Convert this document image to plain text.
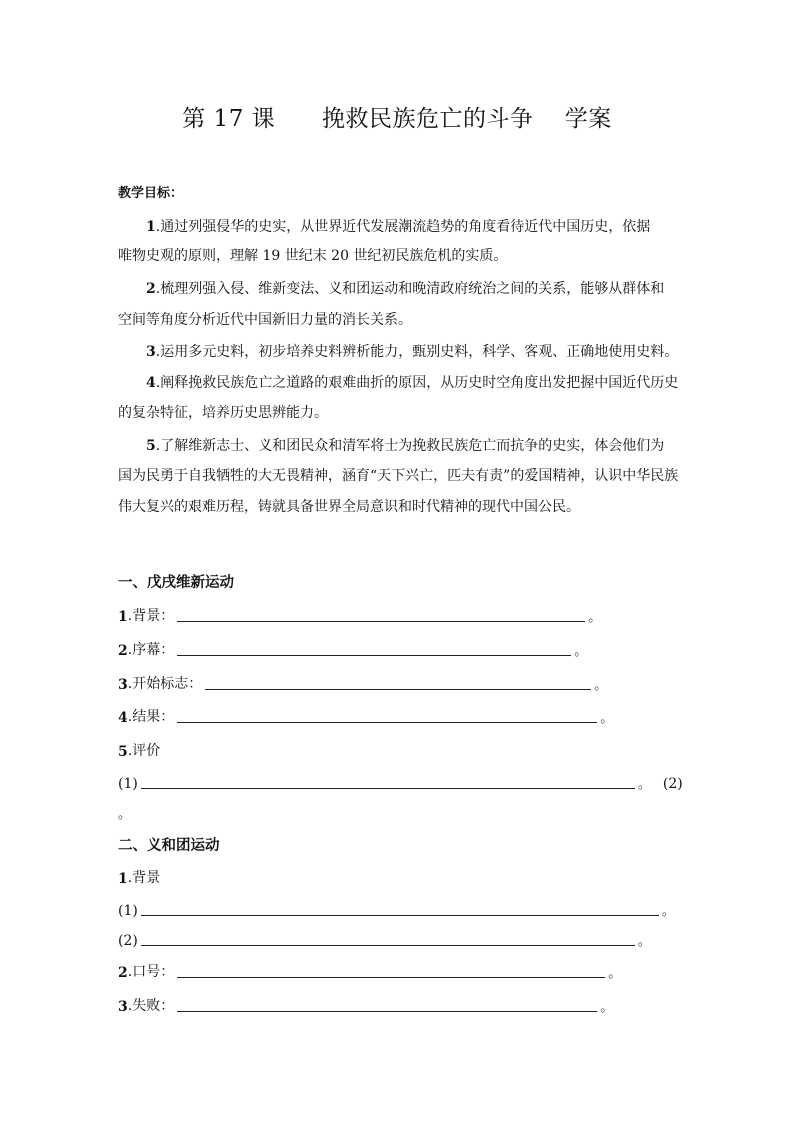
第 17 课      挽救民族危亡的斗争    学案
教学目标：
1.通过列强侵华的史实，从世界近代发展潮流趋势的角度看待近代中国历史，依据
唯物史观的原则，理解 19 世纪末 20 世纪初民族危机的实质。
2.梳理列强入侵、维新变法、义和团运动和晚清政府统治之间的关系，能够从群体和
空间等角度分析近代中国新旧力量的消长关系。
3.运用多元史料，初步培养史料辨析能力，甄别史料，科学、客观、正确地使用史料。
4.阐释挽救民族危亡之道路的艰难曲折的原因，从历史时空角度出发把握中国近代历史
的复杂特征，培养历史思辨能力。
5.了解维新志士、义和团民众和清军将士为挽救民族危亡而抗争的史实，体会他们为
国为民勇于自我牺牲的大无畏精神，涵育“天下兴亡，匹夫有责”的爱国精神，认识中华民族
伟大复兴的艰难历程，铸就具备世界全局意识和时代精神的现代中国公民。
一、戊戌维新运动
1 .背景：	。
2 .序幕：	。
3 .开始标志：	。
4 .结果：	。
5 .评价
(1)	。 (2)
。
二、义和团运动
1 .背景
(1)	。
(2)	。
2 .口号：	。
3 .失败：	。
